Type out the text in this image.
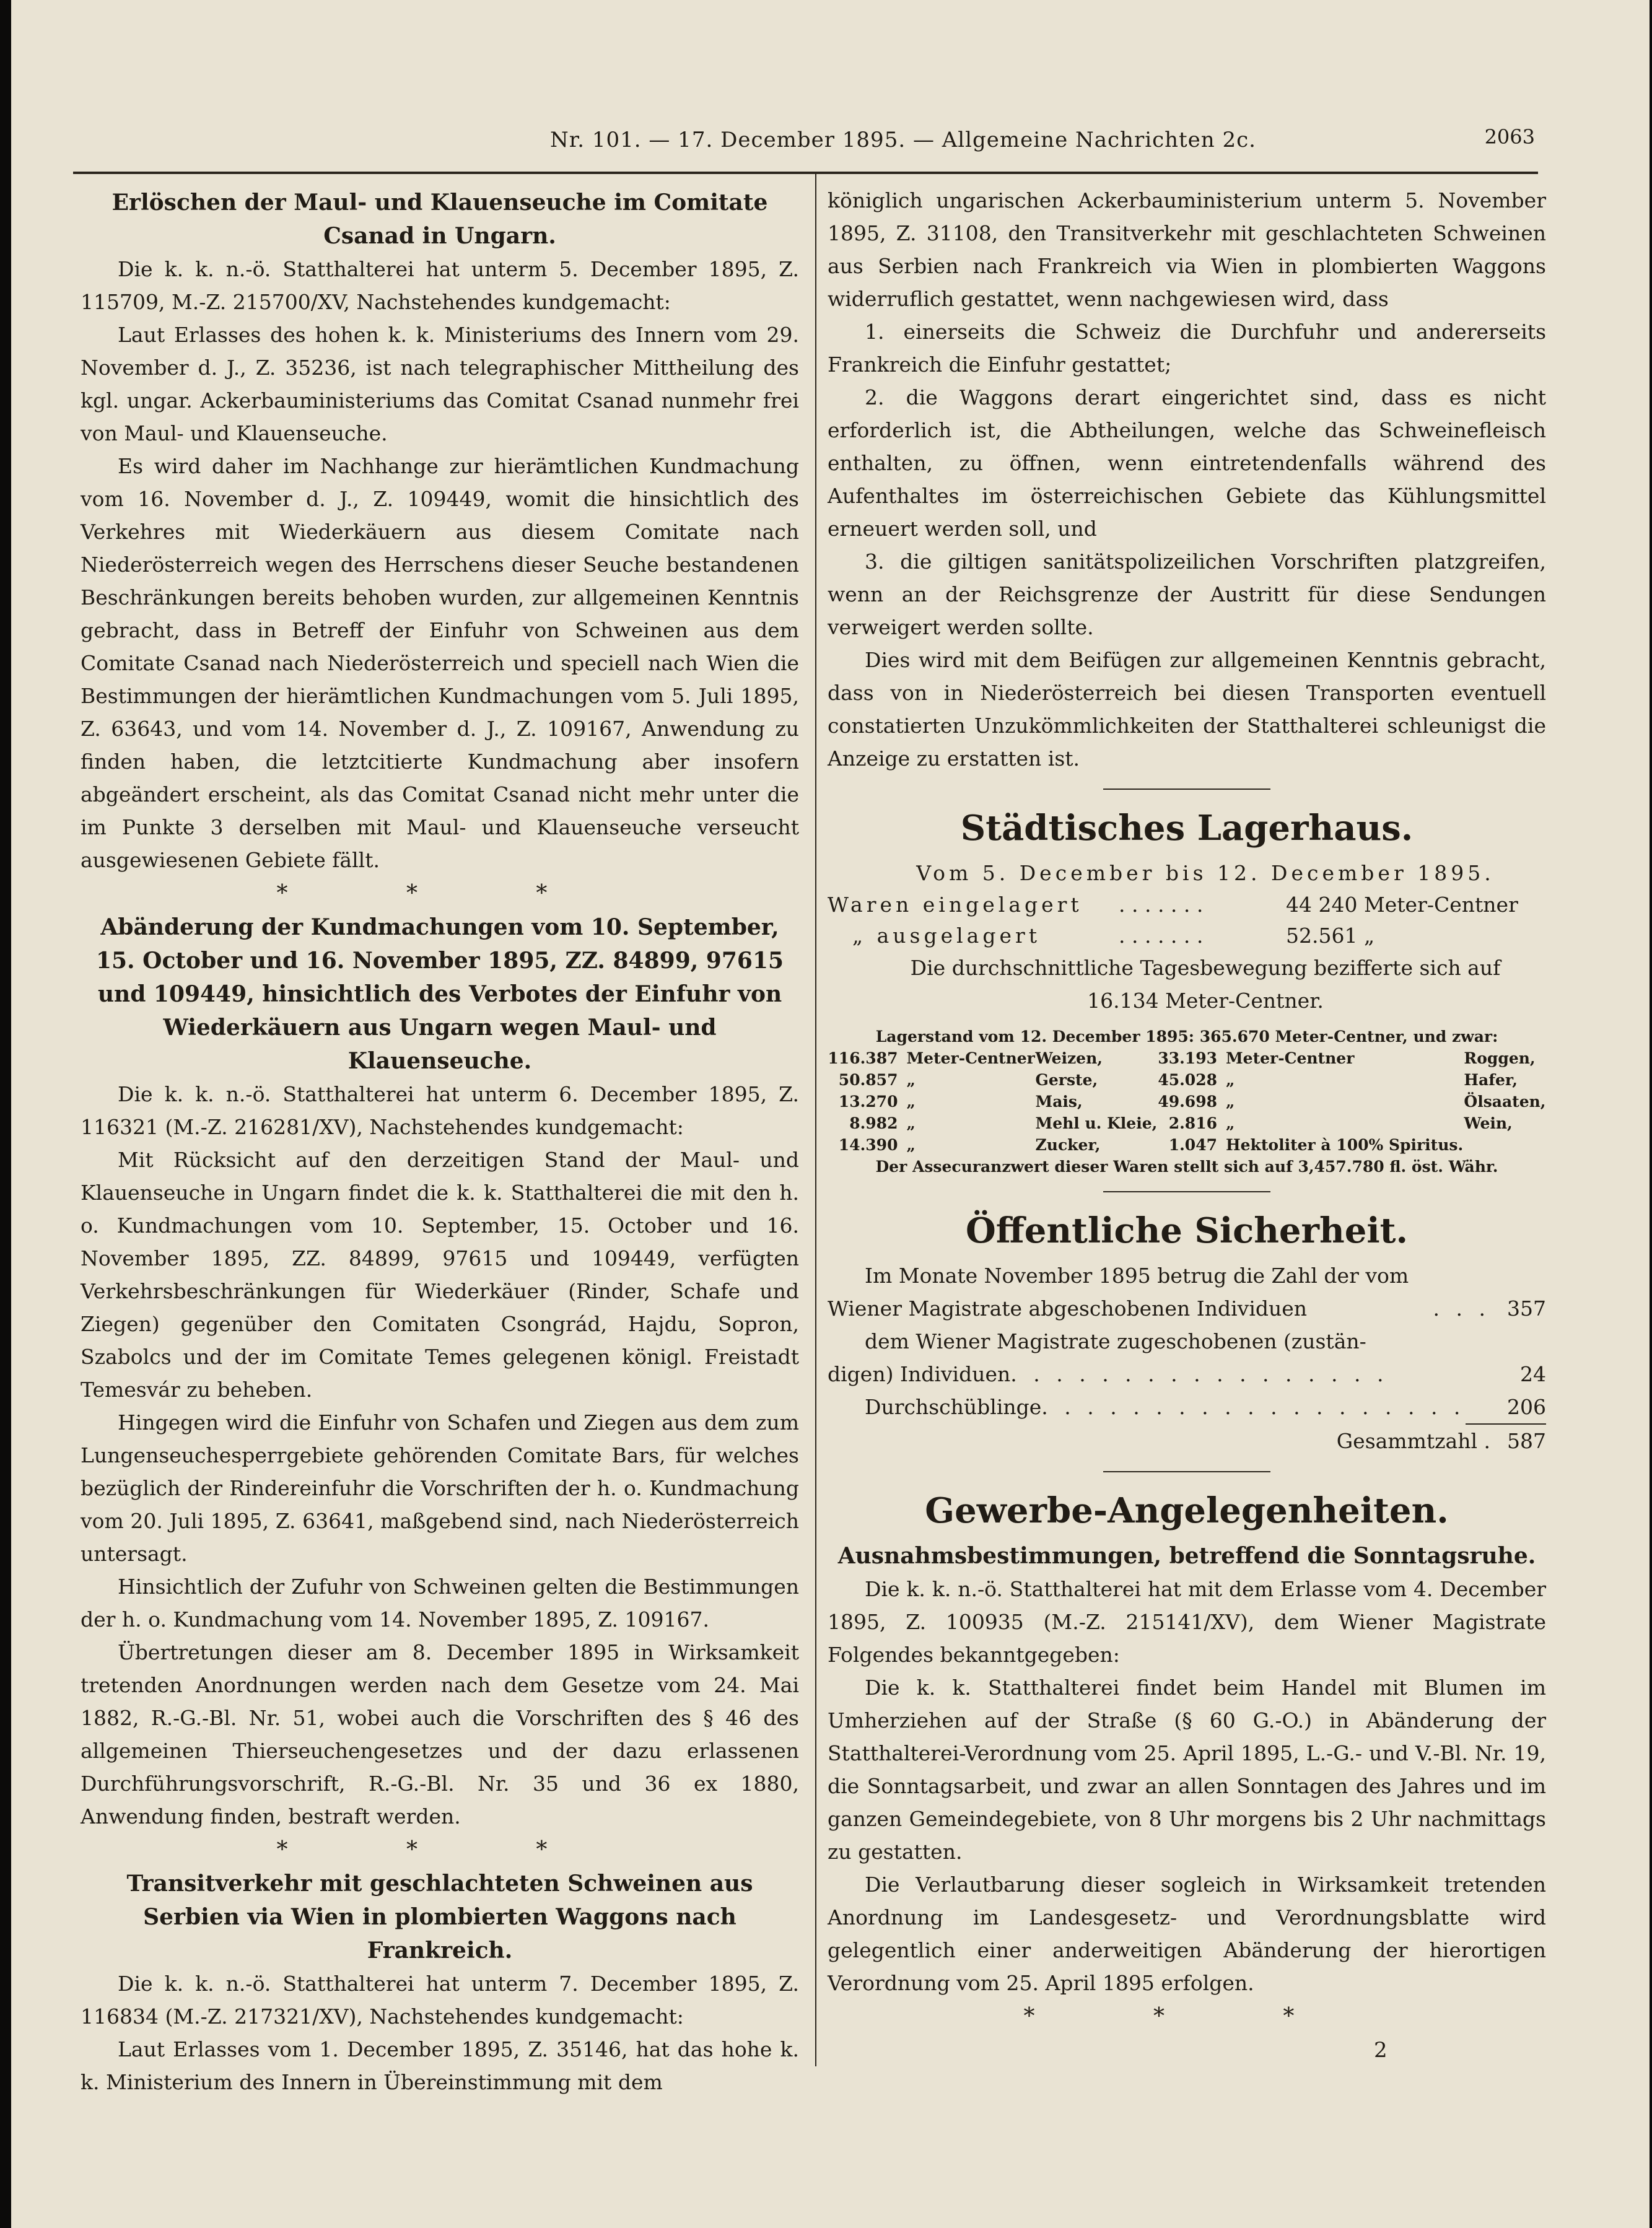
Nr. 101. — 17. December 1895. — Allgemeine Nachrichten 2c.	2063
Erlöschen der Maul- und Klauenseuche im Comitate Csanad in Ungarn.

Die k. k. n.-ö. Statthalterei hat unterm 5. December 1895, Z. 115709, M.-Z. 215700/XV, Nachstehendes kundgemacht:

Laut Erlasses des hohen k. k. Ministeriums des Innern vom 29. November d. J., Z. 35236, ist nach telegraphischer Mittheilung des kgl. ungar. Ackerbauministeriums das Comitat Csanad nunmehr frei von Maul- und Klauenseuche.

Es wird daher im Nachhange zur hierämtlichen Kundmachung vom 16. November d. J., Z. 109449, womit die hinsichtlich des Verkehres mit Wiederkäuern aus diesem Comitate nach Niederösterreich wegen des Herrschens dieser Seuche bestandenen Beschränkungen bereits behoben wurden, zur allgemeinen Kenntnis gebracht, dass in Betreff der Einfuhr von Schweinen aus dem Comitate Csanad nach Niederösterreich und speciell nach Wien die Bestimmungen der hierämtlichen Kundmachungen vom 5. Juli 1895, Z. 63643, und vom 14. November d. J., Z. 109167, Anwendung zu finden haben, die letztcitierte Kundmachung aber insofern abgeändert erscheint, als das Comitat Csanad nicht mehr unter die im Punkte 3 derselben mit Maul- und Klauenseuche verseucht ausgewiesenen Gebiete fällt.

* * *
Abänderung der Kundmachungen vom 10. September, 15. October und 16. November 1895, ZZ. 84899, 97615 und 109449, hinsichtlich des Verbotes der Einfuhr von Wiederkäuern aus Ungarn wegen Maul- und Klauenseuche.

Die k. k. n.-ö. Statthalterei hat unterm 6. December 1895, Z. 116321 (M.-Z. 216281/XV), Nachstehendes kundgemacht:

Mit Rücksicht auf den derzeitigen Stand der Maul- und Klauenseuche in Ungarn findet die k. k. Statthalterei die mit den h. o. Kundmachungen vom 10. September, 15. October und 16. November 1895, ZZ. 84899, 97615 und 109449, verfügten Verkehrsbeschränkungen für Wiederkäuer (Rinder, Schafe und Ziegen) gegenüber den Comitaten Csongrád, Hajdu, Sopron, Szabolcs und der im Comitate Temes gelegenen königl. Freistadt Temesvár zu beheben.

Hingegen wird die Einfuhr von Schafen und Ziegen aus dem zum Lungenseuchesperrgebiete gehörenden Comitate Bars, für welches bezüglich der Rindereinfuhr die Vorschriften der h. o. Kundmachung vom 20. Juli 1895, Z. 63641, maßgebend sind, nach Niederösterreich untersagt.

Hinsichtlich der Zufuhr von Schweinen gelten die Bestimmungen der h. o. Kundmachung vom 14. November 1895, Z. 109167.

Übertretungen dieser am 8. December 1895 in Wirksamkeit tretenden Anordnungen werden nach dem Gesetze vom 24. Mai 1882, R.-G.-Bl. Nr. 51, wobei auch die Vorschriften des § 46 des allgemeinen Thierseuchengesetzes und der dazu erlassenen Durchführungsvorschrift, R.-G.-Bl. Nr. 35 und 36 ex 1880, Anwendung finden, bestraft werden.

* * *
Transitverkehr mit geschlachteten Schweinen aus Serbien via Wien in plombierten Waggons nach Frankreich.

Die k. k. n.-ö. Statthalterei hat unterm 7. December 1895, Z. 116834 (M.-Z. 217321/XV), Nachstehendes kundgemacht:

Laut Erlasses vom 1. December 1895, Z. 35146, hat das hohe k. k. Ministerium des Innern in Übereinstimmung mit dem

königlich ungarischen Ackerbauministerium unterm 5. November 1895, Z. 31108, den Transitverkehr mit geschlachteten Schweinen aus Serbien nach Frankreich via Wien in plombierten Waggons widerruflich gestattet, wenn nachgewiesen wird, dass

1. einerseits die Schweiz die Durchfuhr und andererseits Frankreich die Einfuhr gestattet;

2. die Waggons derart eingerichtet sind, dass es nicht erforderlich ist, die Abtheilungen, welche das Schweinefleisch enthalten, zu öffnen, wenn eintretendenfalls während des Aufenthaltes im österreichischen Gebiete das Kühlungsmittel erneuert werden soll, und

3. die giltigen sanitätspolizeilichen Vorschriften platzgreifen, wenn an der Reichsgrenze der Austritt für diese Sendungen verweigert werden sollte.

Dies wird mit dem Beifügen zur allgemeinen Kenntnis gebracht, dass von in Niederösterreich bei diesen Transporten eventuell constatierten Unzukömmlichkeiten der Statthalterei schleunigst die Anzeige zu erstatten ist.

Städtisches Lagerhaus.

Vom 5. December bis 12. December 1895.

Waren eingelagert	. . . . . . .	44 240 Meter-Centner
„ ausgelagert	. . . . . . .	52.561 „

Die durchschnittliche Tagesbewegung bezifferte sich auf

16.134 Meter-Centner.

Lagerstand vom 12. December 1895: 365.670 Meter-Centner, und zwar:
116.387	Meter-Centner	Weizen,	33.193	Meter-Centner	Roggen,
50.857	„	Gerste,	45.028	„	Hafer,
13.270	„	Mais,	49.698	„	Ölsaaten,
8.982	„	Mehl u. Kleie,	2.816	„	Wein,
14.390	„	Zucker,	1.047	Hektoliter à 100% Spiritus.	
Der Assecuranzwert dieser Waren stellt sich auf 3,457.780 fl. öst. Währ.
Öffentliche Sicherheit.

Im Monate November 1895 betrug die Zahl der vom

Wiener Magistrate abgeschobenen Individuen	. . . 357

dem Wiener Magistrate zugeschobenen (zustän-

digen) Individuen . . . . . . . . . . . . . . . . .	24
Durchschüblinge . . . . . . . . . . . . . . . . . . .	206
Gesammtzahl . 587
Gewerbe-Angelegenheiten.
Ausnahmsbestimmungen, betreffend die Sonntagsruhe.

Die k. k. n.-ö. Statthalterei hat mit dem Erlasse vom 4. December 1895, Z. 100935 (M.-Z. 215141/XV), dem Wiener Magistrate Folgendes bekanntgegeben:

Die k. k. Statthalterei findet beim Handel mit Blumen im Umherziehen auf der Straße (§ 60 G.-O.) in Abänderung der Statthalterei-Verordnung vom 25. April 1895, L.-G.- und V.-Bl. Nr. 19, die Sonntagsarbeit, und zwar an allen Sonntagen des Jahres und im ganzen Gemeindegebiete, von 8 Uhr morgens bis 2 Uhr nachmittags zu gestatten.

Die Verlautbarung dieser sogleich in Wirksamkeit tretenden Anordnung im Landesgesetz- und Verordnungsblatte wird gelegentlich einer anderweitigen Abänderung der hierortigen Verordnung vom 25. April 1895 erfolgen.

* * *
2
